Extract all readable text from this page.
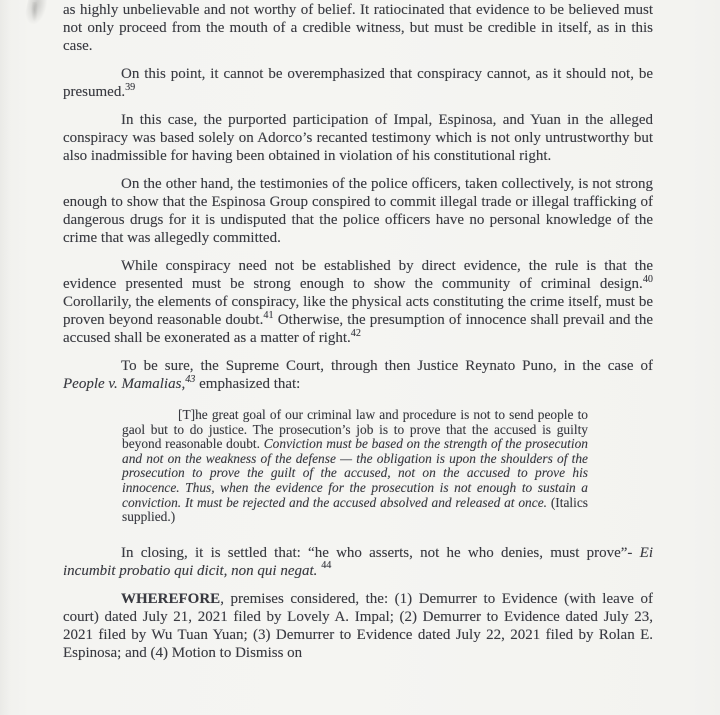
as highly unbelievable and not worthy of belief. It ratiocinated that evidence to be believed must not only proceed from the mouth of a credible witness, but must be credible in itself, as in this case.

On this point, it cannot be overemphasized that conspiracy cannot, as it should not, be presumed.$^{39}$

In this case, the purported participation of Impal, Espinosa, and Yuan in the alleged conspiracy was based solely on Adorco’s recanted testimony which is not only untrustworthy but also inadmissible for having been obtained in violation of his constitutional right.

On the other hand, the testimonies of the police officers, taken collectively, is not strong enough to show that the Espinosa Group conspired to commit illegal trade or illegal trafficking of dangerous drugs for it is undisputed that the police officers have no personal knowledge of the crime that was allegedly committed.

While conspiracy need not be established by direct evidence, the rule is that the evidence presented must be strong enough to show the community of criminal design.$^{40}$ Corollarily, the elements of conspiracy, like the physical acts constituting the crime itself, must be proven beyond reasonable doubt.$^{41}$ Otherwise, the presumption of innocence shall prevail and the accused shall be exonerated as a matter of right.$^{42}$

To be sure, the Supreme Court, through then Justice Reynato Puno, in the case of People v. Mamalias,$^{43}$ emphasized that:

[T]he great goal of our criminal law and procedure is not to send people to gaol but to do justice. The prosecution’s job is to prove that the accused is guilty beyond reasonable doubt. Conviction must be based on the strength of the prosecution and not on the weakness of the defense — the obligation is upon the shoulders of the prosecution to prove the guilt of the accused, not on the accused to prove his innocence. Thus, when the evidence for the prosecution is not enough to sustain a conviction. It must be rejected and the accused absolved and released at once. (Italics supplied.)

In closing, it is settled that: “he who asserts, not he who denies, must prove”- Ei incumbit probatio qui dicit, non qui negat. $^{44}$

WHEREFORE, premises considered, the: (1) Demurrer to Evidence (with leave of court) dated July 21, 2021 filed by Lovely A. Impal; (2) Demurrer to Evidence dated July 23, 2021 filed by Wu Tuan Yuan; (3) Demurrer to Evidence dated July 22, 2021 filed by Rolan E. Espinosa; and (4) Motion to Dismiss on
